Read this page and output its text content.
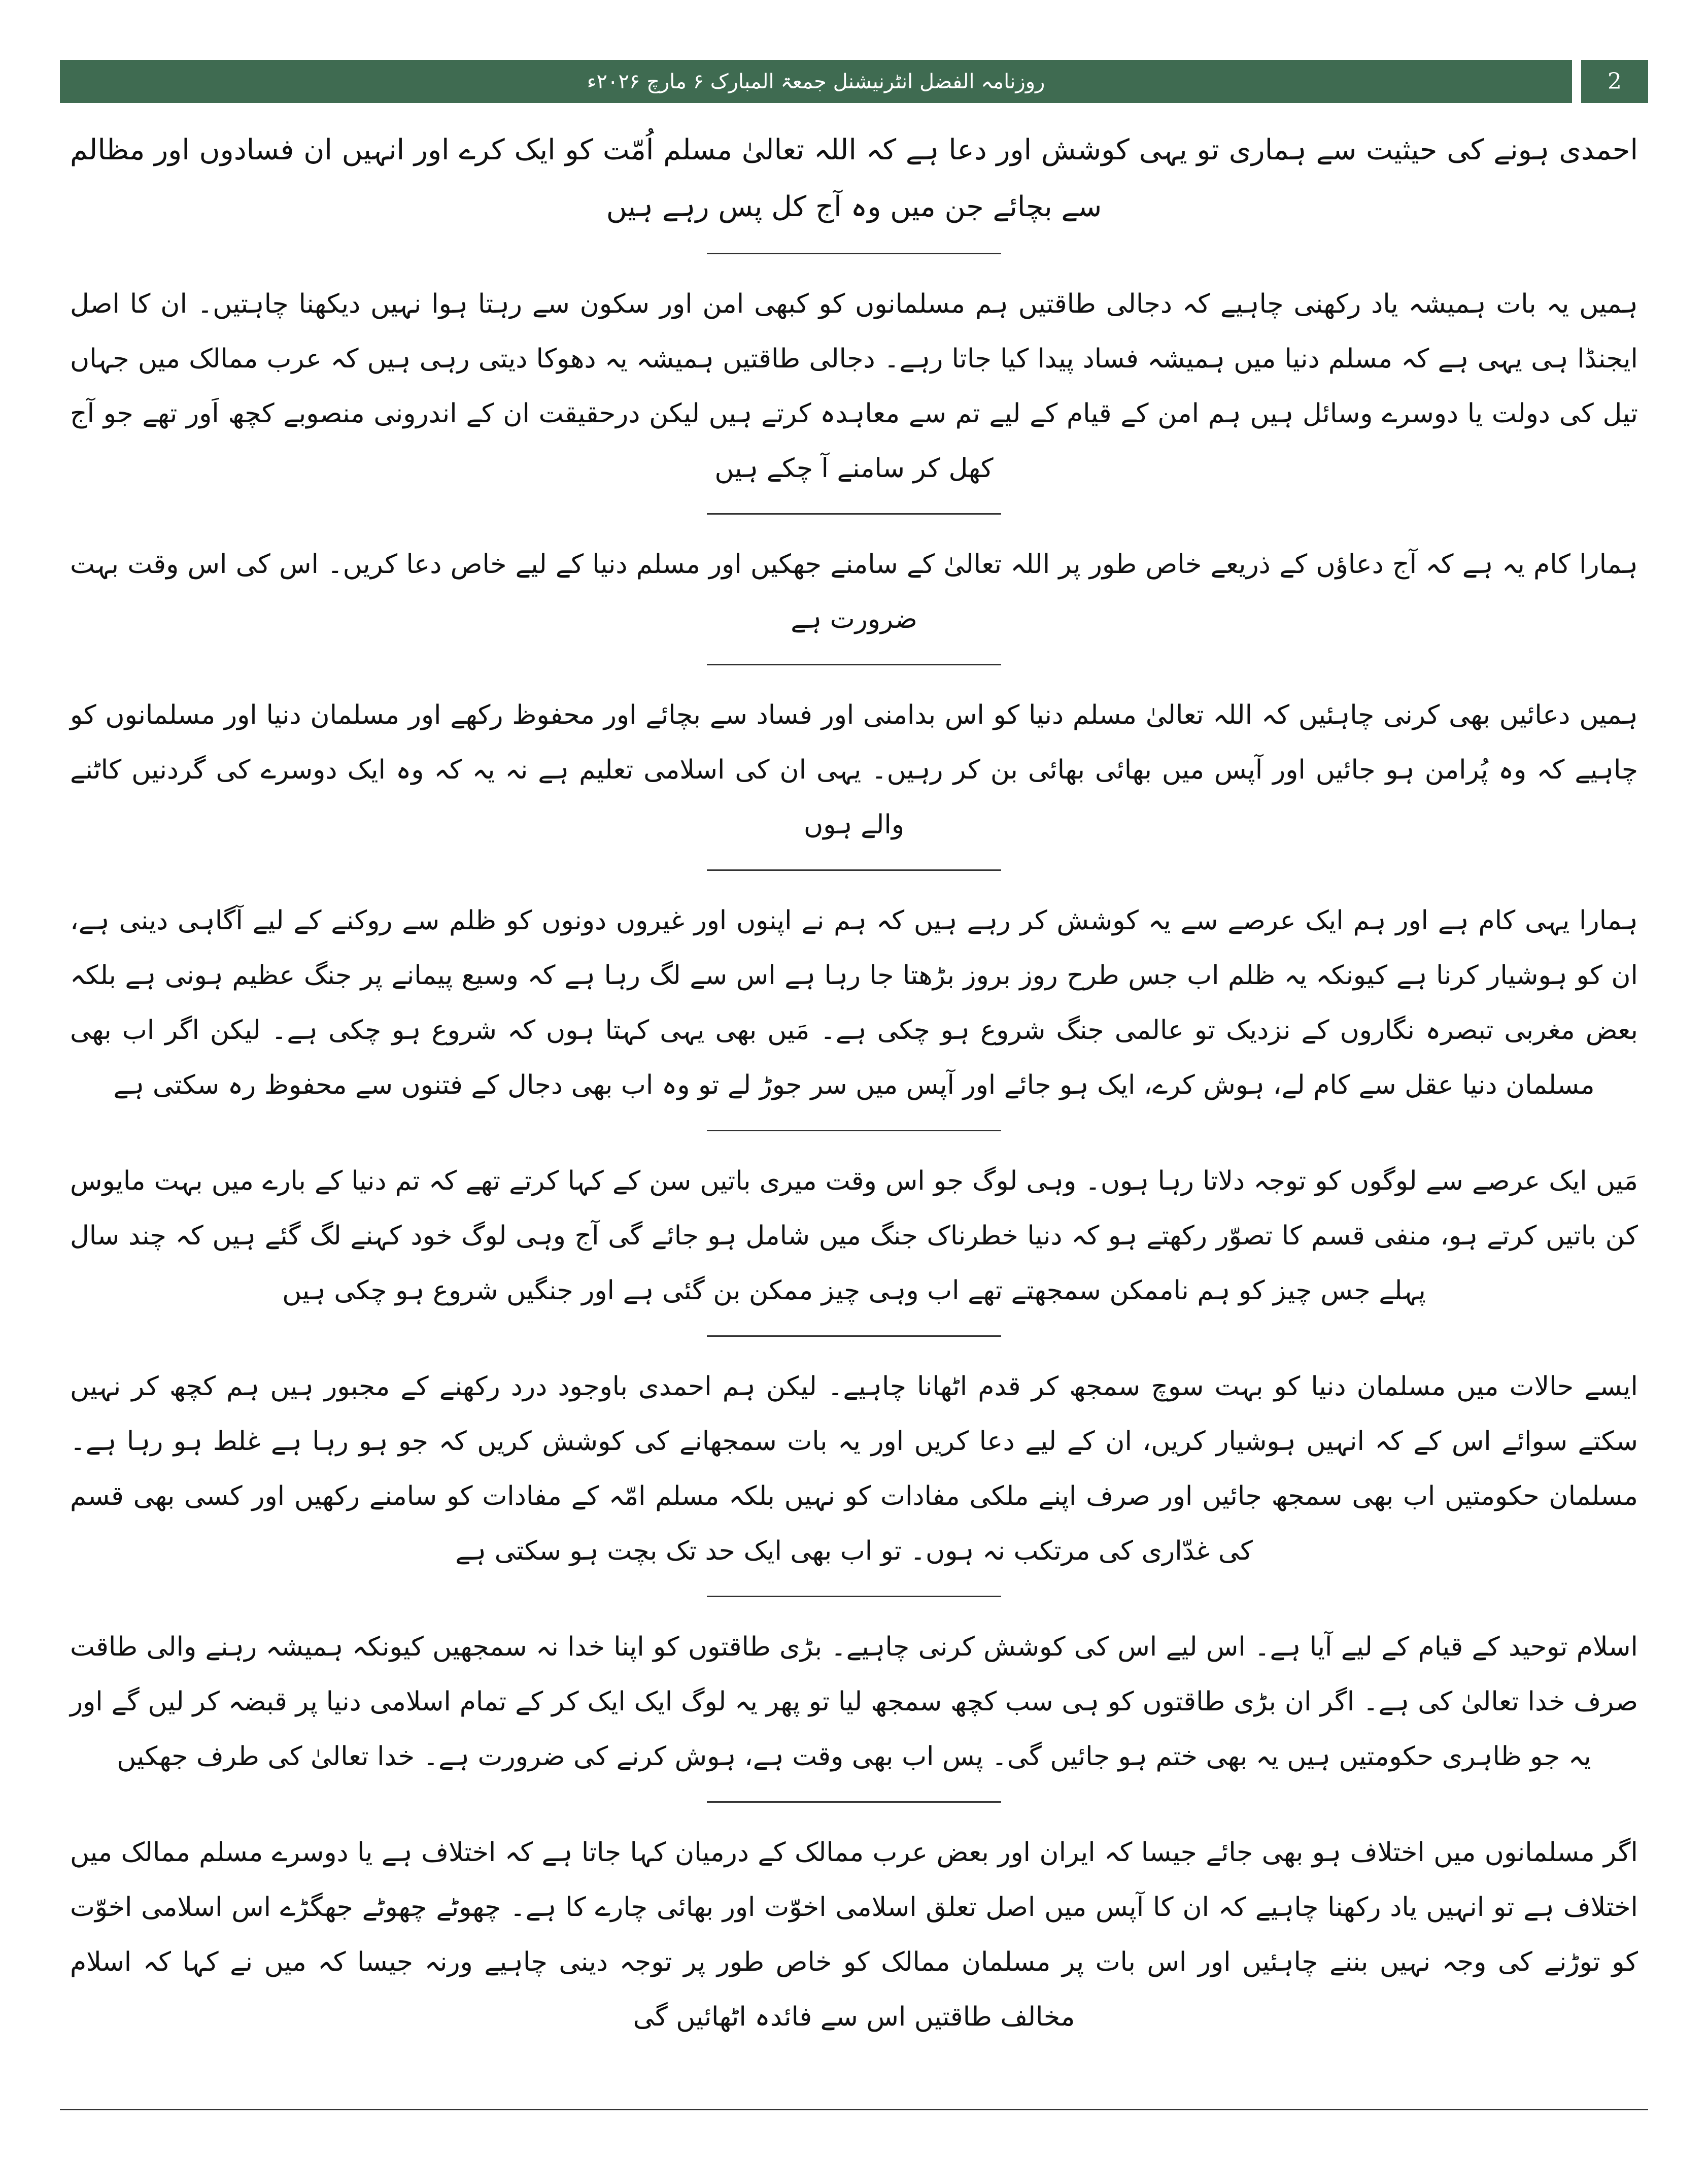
روزنامہ الفضل انٹرنیشنل جمعۃ المبارک ۶ مارچ ۲۰۲۶ء	2

احمدی ہونے کی حیثیت سے ہماری تو یہی کوشش اور دعا ہے کہ اللہ تعالیٰ مسلم اُمّت کو ایک کرے اور انہیں ان فسادوں اور مظالم سے بچائے جن میں وہ آج کل پس رہے ہیں

ہمیں یہ بات ہمیشہ یاد رکھنی چاہیے کہ دجالی طاقتیں ہم مسلمانوں کو کبھی امن اور سکون سے رہتا ہوا نہیں دیکھنا چاہتیں۔ ان کا اصل ایجنڈا ہی یہی ہے کہ مسلم دنیا میں ہمیشہ فساد پیدا کیا جاتا رہے۔ دجالی طاقتیں ہمیشہ یہ دھوکا دیتی رہی ہیں کہ عرب ممالک میں جہاں تیل کی دولت یا دوسرے وسائل ہیں ہم امن کے قیام کے لیے تم سے معاہدہ کرتے ہیں لیکن درحقیقت ان کے اندرونی منصوبے کچھ اَور تھے جو آج کھل کر سامنے آ چکے ہیں

ہمارا کام یہ ہے کہ آج دعاؤں کے ذریعے خاص طور پر اللہ تعالیٰ کے سامنے جھکیں اور مسلم دنیا کے لیے خاص دعا کریں۔ اس کی اس وقت بہت ضرورت ہے

ہمیں دعائیں بھی کرنی چاہئیں کہ اللہ تعالیٰ مسلم دنیا کو اس بدامنی اور فساد سے بچائے اور محفوظ رکھے اور مسلمان دنیا اور مسلمانوں کو چاہیے کہ وہ پُرامن ہو جائیں اور آپس میں بھائی بھائی بن کر رہیں۔ یہی ان کی اسلامی تعلیم ہے نہ یہ کہ وہ ایک دوسرے کی گردنیں کاٹنے والے ہوں

ہمارا یہی کام ہے اور ہم ایک عرصے سے یہ کوشش کر رہے ہیں کہ ہم نے اپنوں اور غیروں دونوں کو ظلم سے روکنے کے لیے آگاہی دینی ہے، ان کو ہوشیار کرنا ہے کیونکہ یہ ظلم اب جس طرح روز بروز بڑھتا جا رہا ہے اس سے لگ رہا ہے کہ وسیع پیمانے پر جنگ عظیم ہونی ہے بلکہ بعض مغربی تبصرہ نگاروں کے نزدیک تو عالمی جنگ شروع ہو چکی ہے۔ مَیں بھی یہی کہتا ہوں کہ شروع ہو چکی ہے۔ لیکن اگر اب بھی مسلمان دنیا عقل سے کام لے، ہوش کرے، ایک ہو جائے اور آپس میں سر جوڑ لے تو وہ اب بھی دجال کے فتنوں سے محفوظ رہ سکتی ہے

مَیں ایک عرصے سے لوگوں کو توجہ دلاتا رہا ہوں۔ وہی لوگ جو اس وقت میری باتیں سن کے کہا کرتے تھے کہ تم دنیا کے بارے میں بہت مایوس کن باتیں کرتے ہو، منفی قسم کا تصوّر رکھتے ہو کہ دنیا خطرناک جنگ میں شامل ہو جائے گی آج وہی لوگ خود کہنے لگ گئے ہیں کہ چند سال پہلے جس چیز کو ہم ناممکن سمجھتے تھے اب وہی چیز ممکن بن گئی ہے اور جنگیں شروع ہو چکی ہیں

ایسے حالات میں مسلمان دنیا کو بہت سوچ سمجھ کر قدم اٹھانا چاہیے۔ لیکن ہم احمدی باوجود درد رکھنے کے مجبور ہیں ہم کچھ کر نہیں سکتے سوائے اس کے کہ انہیں ہوشیار کریں، ان کے لیے دعا کریں اور یہ بات سمجھانے کی کوشش کریں کہ جو ہو رہا ہے غلط ہو رہا ہے۔ مسلمان حکومتیں اب بھی سمجھ جائیں اور صرف اپنے ملکی مفادات کو نہیں بلکہ مسلم امّہ کے مفادات کو سامنے رکھیں اور کسی بھی قسم کی غدّاری کی مرتکب نہ ہوں۔ تو اب بھی ایک حد تک بچت ہو سکتی ہے

اسلام توحید کے قیام کے لیے آیا ہے۔ اس لیے اس کی کوشش کرنی چاہیے۔ بڑی طاقتوں کو اپنا خدا نہ سمجھیں کیونکہ ہمیشہ رہنے والی طاقت صرف خدا تعالیٰ کی ہے۔ اگر ان بڑی طاقتوں کو ہی سب کچھ سمجھ لیا تو پھر یہ لوگ ایک ایک کر کے تمام اسلامی دنیا پر قبضہ کر لیں گے اور یہ جو ظاہری حکومتیں ہیں یہ بھی ختم ہو جائیں گی۔ پس اب بھی وقت ہے، ہوش کرنے کی ضرورت ہے۔ خدا تعالیٰ کی طرف جھکیں

اگر مسلمانوں میں اختلاف ہو بھی جائے جیسا کہ ایران اور بعض عرب ممالک کے درمیان کہا جاتا ہے کہ اختلاف ہے یا دوسرے مسلم ممالک میں اختلاف ہے تو انہیں یاد رکھنا چاہیے کہ ان کا آپس میں اصل تعلق اسلامی اخوّت اور بھائی چارے کا ہے۔ چھوٹے چھوٹے جھگڑے اس اسلامی اخوّت کو توڑنے کی وجہ نہیں بننے چاہئیں اور اس بات پر مسلمان ممالک کو خاص طور پر توجہ دینی چاہیے ورنہ جیسا کہ میں نے کہا کہ اسلام مخالف طاقتیں اس سے فائدہ اٹھائیں گی
